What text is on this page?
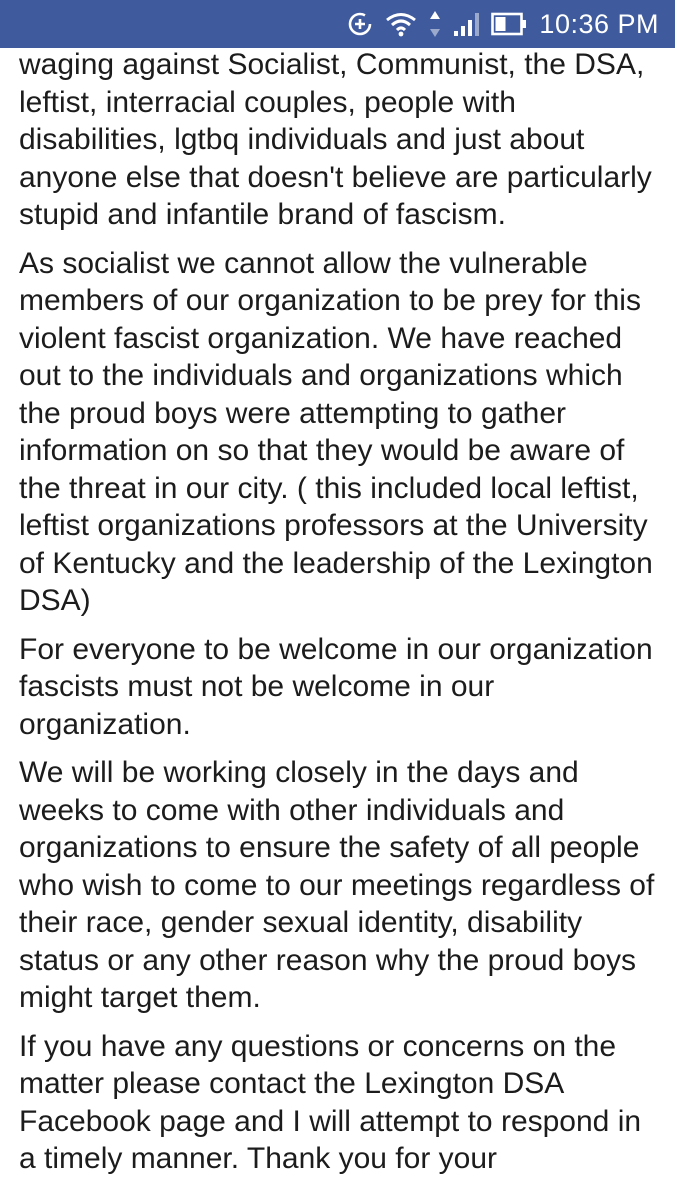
10:36 PM

waging against Socialist, Communist, the DSA, leftist, interracial couples, people with disabilities, lgtbq individuals and just about anyone else that doesn't believe are particularly stupid and infantile brand of fascism.

As socialist we cannot allow the vulnerable members of our organization to be prey for this violent fascist organization. We have reached out to the individuals and organizations which the proud boys were attempting to gather information on so that they would be aware of the threat in our city. ( this included local leftist, leftist organizations professors at the University of Kentucky and the leadership of the Lexington DSA)

For everyone to be welcome in our organization fascists must not be welcome in our organization.

We will be working closely in the days and weeks to come with other individuals and organizations to ensure the safety of all people who wish to come to our meetings regardless of their race, gender sexual identity, disability status or any other reason why the proud boys might target them.

If you have any questions or concerns on the matter please contact the Lexington DSA Facebook page and I will attempt to respond in a timely manner. Thank you for your
